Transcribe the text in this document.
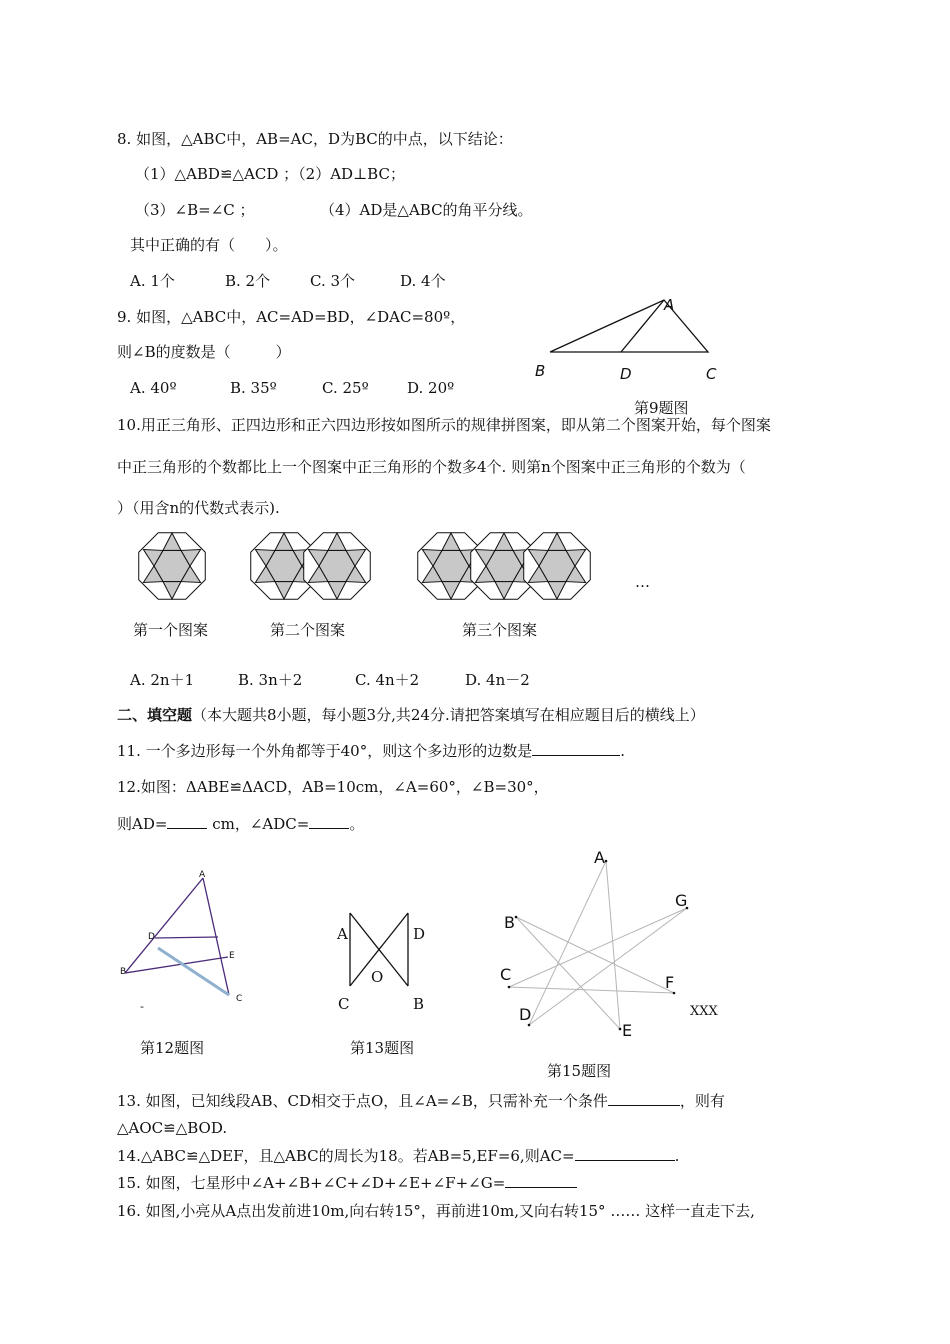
8. 如图，△ABC中，AB=AC，D为BC的中点，以下结论：
（1）△ABD≌△ACD ；（2）AD⊥BC；
（3）∠B=∠C ；	（4）AD是△ABC的角平分线。
其中正确的有（　　）。
A. 1个	B. 2个	C. 3个	D. 4个
9. 如图，△ABC中，AC=AD=BD，∠DAC=80º，
则∠B的度数是（　　　）
A. 40º	B. 35º	C. 25º	D. 20º
A
B	D	C
第9题图
10.用正三角形、正四边形和正六四边形按如图所示的规律拼图案，即从第二个图案开始，每个图案
中正三角形的个数都比上一个图案中正三角形的个数多4个. 则第n个图案中正三角形的个数为（
）（用含n的代数式表示).
第一个图案	第二个图案	第三个图案
…
A. 2n＋1	B. 3n＋2	C. 4n＋2	D. 4n－2
二、填空题（本大题共8小题，每小题3分,共24分.请把答案填写在相应题目后的横线上）
11. 一个多边形每一个外角都等于40°，则这个多边形的边数是	.
12.如图：ΔABE≌ΔACD，AB=10cm，∠A=60°，∠B=30°，
则AD=	cm，∠ADC=	。
A
D
E
B
C
-
第12题图
A	D
O
C	B
第13题图
A
G
B
C	F
D
E
XXX
第15题图
13. 如图，已知线段AB、CD相交于点O，且∠A=∠B，只需补充一个条件	，则有
△AOC≌△BOD.
14.△ABC≌△DEF，且△ABC的周长为18。若AB=5,EF=6,则AC=	.
15. 如图，七星形中∠A+∠B+∠C+∠D+∠E+∠F+∠G=
16. 如图,小亮从A点出发前进10m,向右转15°，再前进10m,又向右转15° …… 这样一直走下去,
